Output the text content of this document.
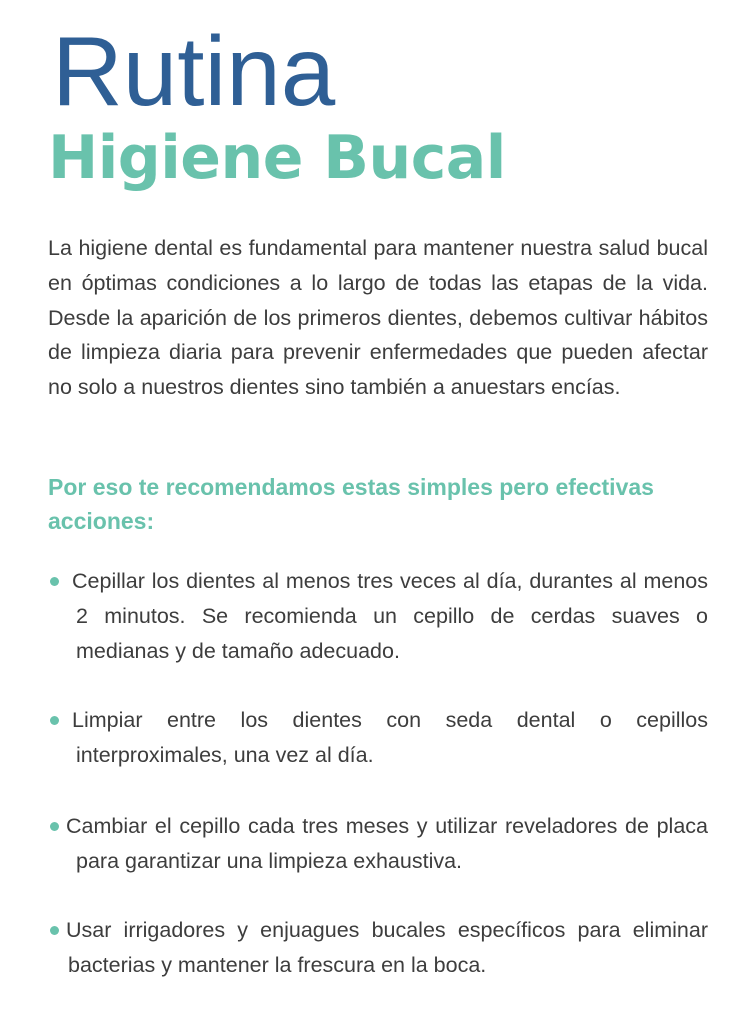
Rutina
Higiene Bucal

La higiene dental es fundamental para mantener nuestra salud bucal en óptimas condiciones a lo largo de todas las etapas de la vida. Desde la aparición de los primeros dientes, debemos cultivar hábitos de limpieza diaria para prevenir enfermedades que pueden afectar no solo a nuestros dientes sino también a anuestars encías.

Por eso te recomendamos estas simples pero efectivas acciones:
Cepillar los dientes al menos tres veces al día, durantes al menos 2 minutos. Se recomienda un cepillo de cerdas suaves o medianas y de tamaño adecuado.
Limpiar entre los dientes con seda dental o cepillos interproximales, una vez al día.
Cambiar el cepillo cada tres meses y utilizar reveladores de placa para garantizar una limpieza exhaustiva.
Usar irrigadores y enjuagues bucales específicos para eliminar bacterias y mantener la frescura en la boca.
